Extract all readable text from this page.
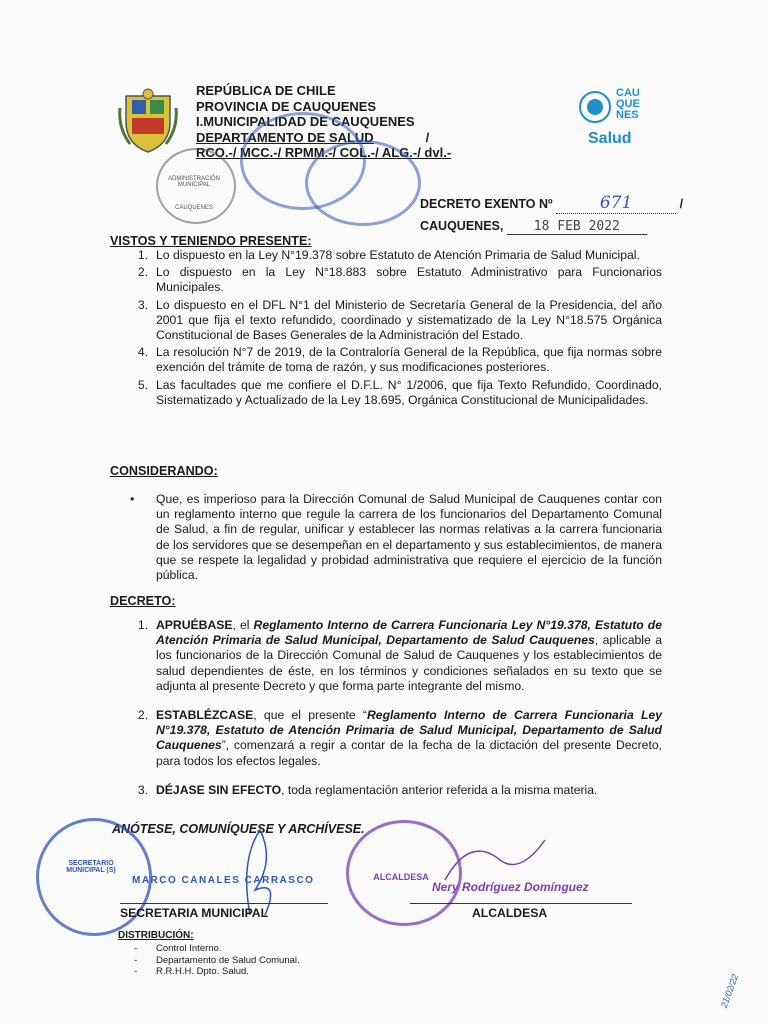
REPÚBLICA DE CHILE
PROVINCIA DE CAUQUENES
I.MUNICIPALIDAD DE CAUQUENES
DEPARTAMENTO DE SALUD	/
RCO.-/ MCC.-/ RPMM.-/ COL.-/ ALG.-/ dvl.-
CAU
QUE
NES
Salud
ADMINISTRACIÓN MUNICIPAL
CAUQUENES	DECRETO EXENTO Nº	671	/
CAUQUENES, 18 FEB 2022
VISTOS Y TENIENDO PRESENTE:
1. Lo dispuesto en la Ley N°19.378 sobre Estatuto de Atención Primaria de Salud Municipal.
2. Lo dispuesto en la Ley N°18.883 sobre Estatuto Administrativo para Funcionarios Municipales.
3. Lo dispuesto en el DFL N°1 del Ministerio de Secretaría General de la Presidencia, del año 2001 que fija el texto refundido, coordinado y sistematizado de la Ley N°18.575 Orgánica Constitucional de Bases Generales de la Administración del Estado.
4. La resolución N°7 de 2019, de la Contraloría General de la República, que fija normas sobre exención del trámite de toma de razón, y sus modificaciones posteriores.
5. Las facultades que me confiere el D.F.L. N° 1/2006, que fija Texto Refundido, Coordinado, Sistematizado y Actualizado de la Ley 18.695, Orgánica Constitucional de Municipalidades.
CONSIDERANDO:
•	Que, es imperioso para la Dirección Comunal de Salud Municipal de Cauquenes contar con un reglamento interno que regule la carrera de los funcionarios del Departamento Comunal de Salud, a fin de regular, unificar y establecer las normas relativas a la carrera funcionaria de los servidores que se desempeñan en el departamento y sus establecimientos, de manera que se respete la legalidad y probidad administrativa que requiere el ejercicio de la función pública.
DECRETO:
1. APRUÉBASE, el Reglamento Interno de Carrera Funcionaria Ley N°19.378, Estatuto de Atención Primaria de Salud Municipal, Departamento de Salud Cauquenes, aplicable a los funcionarios de la Dirección Comunal de Salud de Cauquenes y los establecimientos de salud dependientes de éste, en los términos y condiciones señalados en su texto que se adjunta al presente Decreto y que forma parte integrante del mismo.
2. ESTABLÉZCASE, que el presente “Reglamento Interno de Carrera Funcionaria Ley N°19.378, Estatuto de Atención Primaria de Salud Municipal, Departamento de Salud Cauquenes”, comenzará a regir a contar de la fecha de la dictación del presente Decreto, para todos los efectos legales.
3. DÉJASE SIN EFECTO, toda reglamentación anterior referida a la misma materia.
ANÓTESE, COMUNÍQUESE Y ARCHÍVESE.
SECRETARIO MUNICIPAL (S)
ALCALDESA
MARCO CANALES CARRASCO	Nery Rodríguez Domínguez
SECRETARIA MUNICIPAL	ALCALDESA
DISTRIBUCIÓN:
- Control Interno.
- Departamento de Salud Comunal.
- R.R.H.H. Dpto. Salud.
21/02/22
